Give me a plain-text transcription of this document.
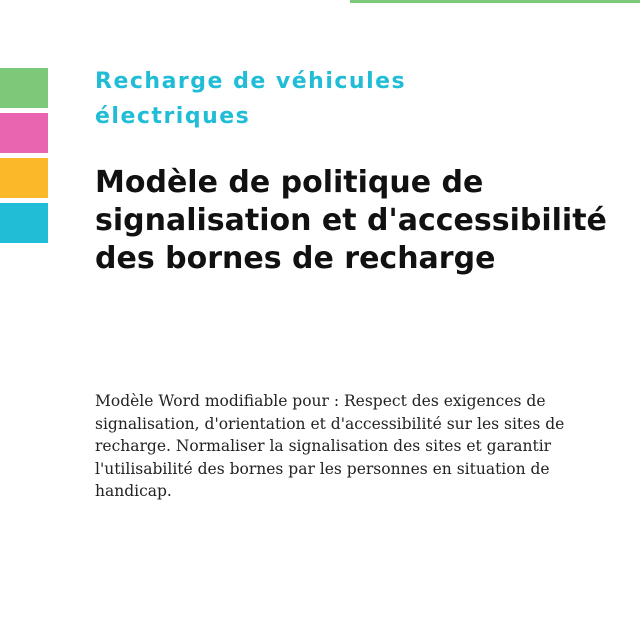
Recharge de véhicules électriques
Modèle de politique de signalisation et d'accessibilité des bornes de recharge

Modèle Word modifiable pour : Respect des exigences de signalisation, d'orientation et d'accessibilité sur les sites de recharge. Normaliser la signalisation des sites et garantir l'utilisabilité des bornes par les personnes en situation de handicap.
